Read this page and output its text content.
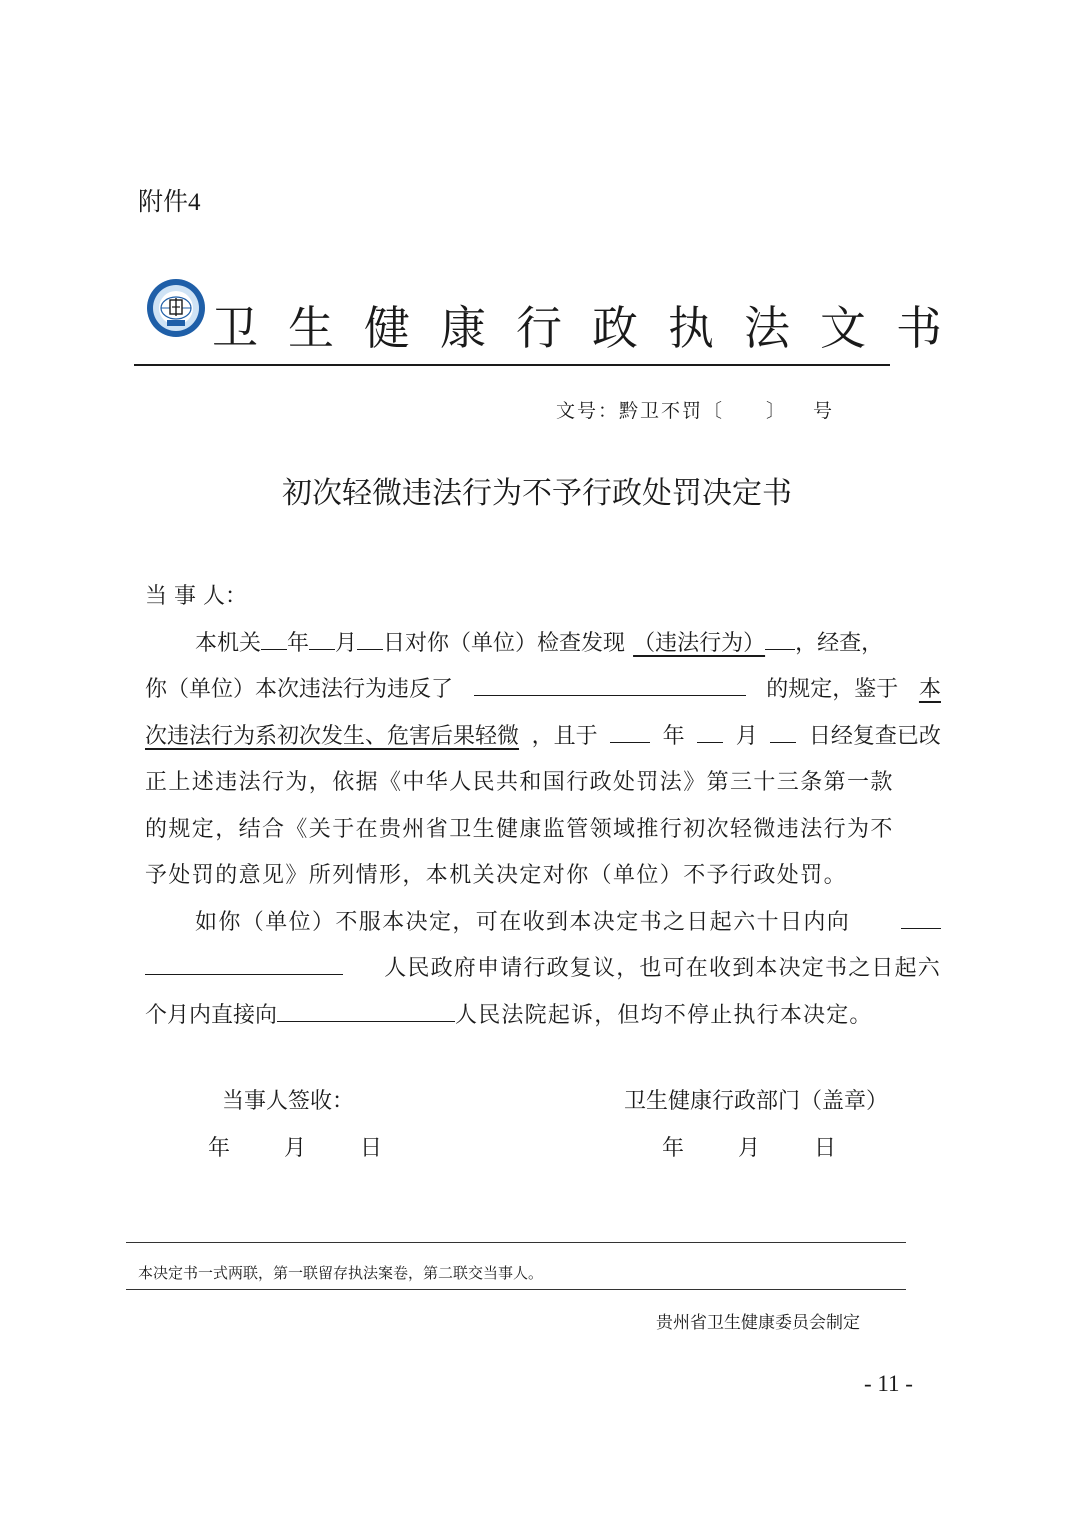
附件4
卫生健康行政执法文书
文号：黔卫不罚〔 〕 号
初次轻微违法行为不予行政处罚决定书
当 事 人：
本机关 年 月 日对你（单位）检查发现 （违法行为） ，经查，
你（单位）本次违法行为违反了	的规定，鉴于 本
次违法行为系初次发生、危害后果轻微 ，且于	年 月 日经复查已改
正上述违法行为，依据《中华人民共和国行政处罚法》第三十三条第一款
的规定，结合《关于在贵州省卫生健康监管领域推行初次轻微违法行为不
予处罚的意见》所列情形，本机关决定对你（单位）不予行政处罚。
如你（单位）不服本决定，可在收到本决定书之日起六十日内向
人民政府申请行政复议，也可在收到本决定书之日起六
个月内直接向	人民法院起诉，但均不停止执行本决定。
当事人签收：	卫生健康行政部门（盖章）
年 月 日	年 月 日
本决定书一式两联，第一联留存执法案卷，第二联交当事人。
贵州省卫生健康委员会制定
- 11 -
